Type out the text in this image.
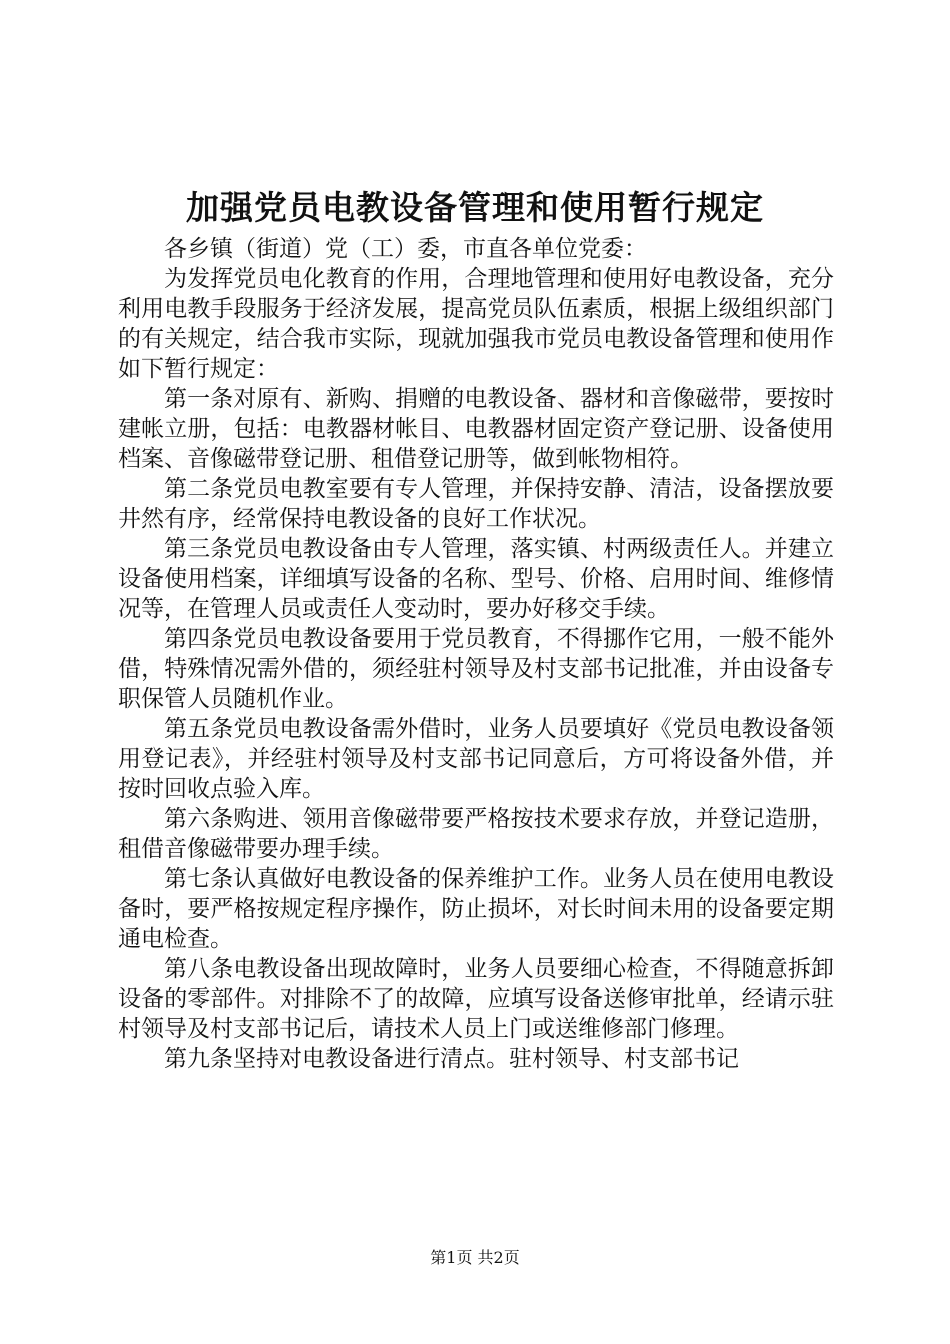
加强党员电教设备管理和使用暂行规定

各乡镇（街道）党（工）委，市直各单位党委：

为发挥党员电化教育的作用，合理地管理和使用好电教设备，充分利用电教手段服务于经济发展，提高党员队伍素质，根据上级组织部门的有关规定，结合我市实际，现就加强我市党员电教设备管理和使用作如下暂行规定：

第一条对原有、新购、捐赠的电教设备、器材和音像磁带，要按时建帐立册，包括：电教器材帐目、电教器材固定资产登记册、设备使用档案、音像磁带登记册、租借登记册等，做到帐物相符。

第二条党员电教室要有专人管理，并保持安静、清洁，设备摆放要井然有序，经常保持电教设备的良好工作状况。

第三条党员电教设备由专人管理，落实镇、村两级责任人。并建立设备使用档案，详细填写设备的名称、型号、价格、启用时间、维修情况等，在管理人员或责任人变动时，要办好移交手续。

第四条党员电教设备要用于党员教育，不得挪作它用，一般不能外借，特殊情况需外借的，须经驻村领导及村支部书记批准，并由设备专职保管人员随机作业。

第五条党员电教设备需外借时，业务人员要填好《党员电教设备领用登记表》，并经驻村领导及村支部书记同意后，方可将设备外借，并按时回收点验入库。

第六条购进、领用音像磁带要严格按技术要求存放，并登记造册，租借音像磁带要办理手续。

第七条认真做好电教设备的保养维护工作。业务人员在使用电教设备时，要严格按规定程序操作，防止损坏，对长时间未用的设备要定期通电检查。

第八条电教设备出现故障时，业务人员要细心检查，不得随意拆卸设备的零部件。对排除不了的故障，应填写设备送修审批单，经请示驻村领导及村支部书记后，请技术人员上门或送维修部门修理。

第九条坚持对电教设备进行清点。驻村领导、村支部书记

第1页 共2页
